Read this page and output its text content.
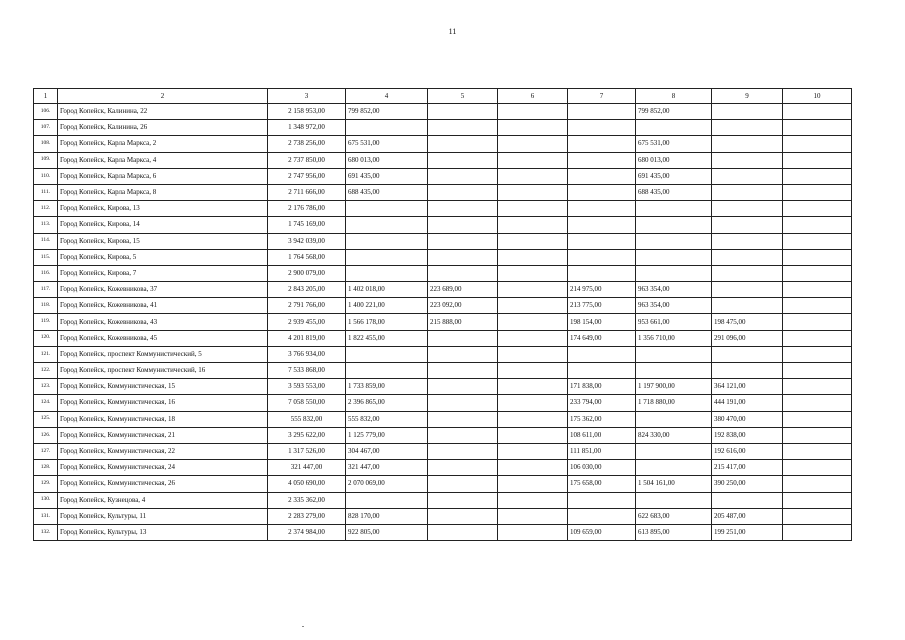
11
1	2	3	4	5	6	7	8	9	10
106.	Город Копейск, Калинина, 22	2 158 953,00	799 852,00				799 852,00		
107.	Город Копейск, Калинина, 26	1 348 972,00							
108.	Город Копейск, Карла Маркса, 2	2 738 256,00	675 531,00				675 531,00		
109.	Город Копейск, Карла Маркса, 4	2 737 850,00	680 013,00				680 013,00		
110.	Город Копейск, Карла Маркса, 6	2 747 956,00	691 435,00				691 435,00		
111.	Город Копейск, Карла Маркса, 8	2 711 666,00	688 435,00				688 435,00		
112.	Город Копейск, Кирова, 13	2 176 786,00							
113.	Город Копейск, Кирова, 14	1 745 169,00							
114.	Город Копейск, Кирова, 15	3 942 039,00							
115.	Город Копейск, Кирова, 5	1 764 568,00							
116.	Город Копейск, Кирова, 7	2 900 079,00							
117.	Город Копейск, Кожевникова, 37	2 843 205,00	1 402 018,00	223 689,00		214 975,00	963 354,00		
118.	Город Копейск, Кожевникова, 41	2 791 766,00	1 400 221,00	223 092,00		213 775,00	963 354,00		
119.	Город Копейск, Кожевникова, 43	2 939 455,00	1 566 178,00	215 888,00		198 154,00	953 661,00	198 475,00	
120.	Город Копейск, Кожевникова, 45	4 201 819,00	1 822 455,00			174 649,00	1 356 710,00	291 096,00	
121.	Город Копейск, проспект Коммунистический, 5	3 766 934,00							
122.	Город Копейск, проспект Коммунистический, 16	7 533 868,00							
123.	Город Копейск, Коммунистическая, 15	3 593 553,00	1 733 859,00			171 838,00	1 197 900,00	364 121,00	
124.	Город Копейск, Коммунистическая, 16	7 058 550,00	2 396 865,00			233 794,00	1 718 880,00	444 191,00	
125.	Город Копейск, Коммунистическая, 18	555 832,00	555 832,00			175 362,00		380 470,00	
126.	Город Копейск, Коммунистическая, 21	3 295 622,00	1 125 779,00			108 611,00	824 330,00	192 838,00	
127.	Город Копейск, Коммунистическая, 22	1 317 526,00	304 467,00			111 851,00		192 616,00	
128.	Город Копейск, Коммунистическая, 24	321 447,00	321 447,00			106 030,00		215 417,00	
129.	Город Копейск, Коммунистическая, 26	4 050 690,00	2 070 069,00			175 658,00	1 504 161,00	390 250,00	
130.	Город Копейск, Кузнецова, 4	2 335 362,00							
131.	Город Копейск, Культуры, 11	2 283 279,00	828 170,00				622 683,00	205 487,00	
132.	Город Копейск, Культуры, 13	2 374 984,00	922 805,00			109 659,00	613 895,00	199 251,00	
